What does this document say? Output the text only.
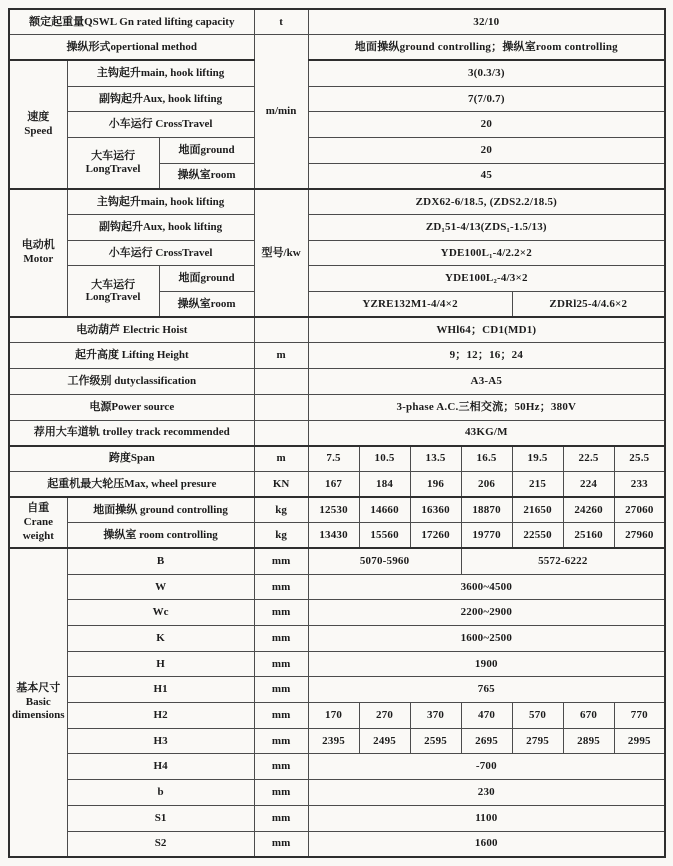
额定起重量QSWL Gn rated lifting capacity			t	32/10						
操纵形式opertional method			m/min	地面操纵ground controlling；操纵室room controlling						
速度
Speed	主钩起升main, hook lifting			3(0.3/3)						
	副钩起升Aux, hook lifting			7(7/0.7)						
	小车运行 CrossTravel			20						
	大车运行
LongTravel	地面ground		20						
		操纵室room		45						
电动机
Motor	主钩起升main, hook lifting		型号/kw	ZDX62-6/18.5, (ZDS2.2/18.5)						
	副钩起升Aux, hook lifting			ZD₁51-4/13(ZDS₁-1.5/13)						
	小车运行 CrossTravel			YDE100L₁-4/2.2×2						
	大车运行
LongTravel	地面ground		YDE100L₂-4/3×2						
		操纵室room		YZRE132M1-4/4×2				ZDRl25-4/4.6×2		
电动葫芦 Electric Hoist				WHl64；CD1(MD1)						
起升高度 Lifting Height			m	9；12；16；24						
工作级别 dutyclassification				A3-A5						
电源Power source				3-phase A.C.三相交流；50Hz；380V						
荐用大车道轨 trolley track recommended				43KG/M						
跨度Span			m	7.5	10.5	13.5	16.5	19.5	22.5	25.5
起重机最大轮压Max, wheel presure			KN	167	184	196	206	215	224	233
自重
Crane weight	地面操纵 ground controlling		kg	12530	14660	16360	18870	21650	24260	27060
	操纵室 room controlling		kg	13430	15560	17260	19770	22550	25160	27960
基本尺寸
Basic dimensions	B		mm	5070-5960			5572-6222			
	W		mm	3600~4500						
	Wc		mm	2200~2900						
	K		mm	1600~2500						
	H		mm	1900						
	H1		mm	765						
	H2		mm	170	270	370	470	570	670	770
	H3		mm	2395	2495	2595	2695	2795	2895	2995
	H4		mm	-700						
	b		mm	230						
	S1		mm	1100						
	S2		mm	1600						
